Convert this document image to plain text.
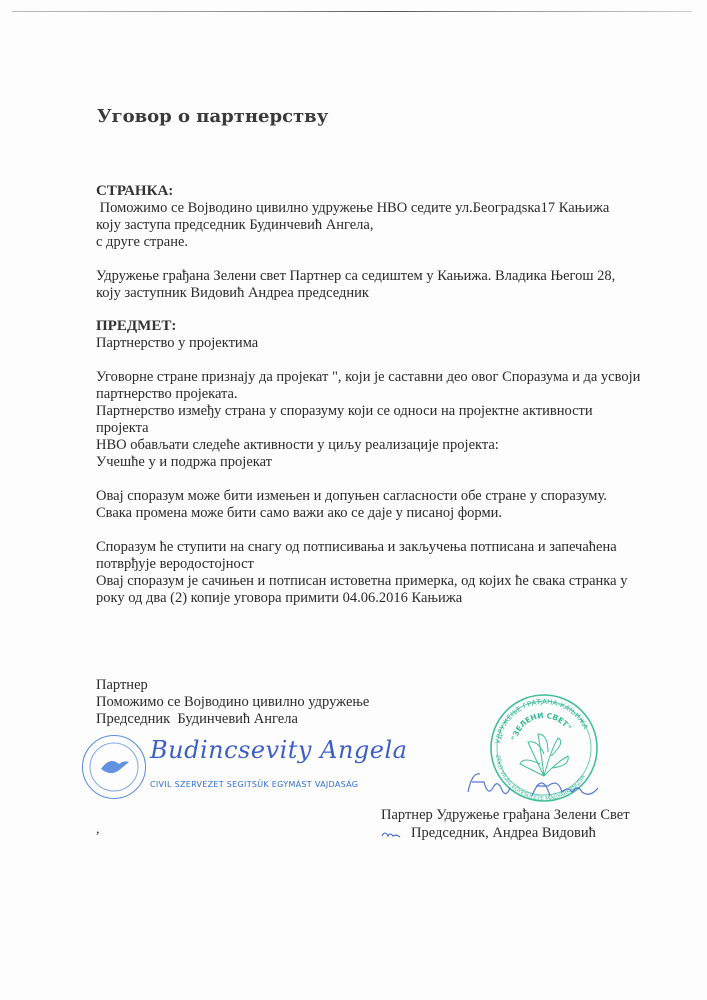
Уговор о партнерству

СТРАНКА:

Поможимо се Војводино цивилно удружење НВО седите ул.Београдsка17 Кањижа

коју заступа председник Будинчевић Ангела,

с друге стране.

Удружење грађана Зелени свет Партнер са седиштем у Кањижа. Владика Његош 28,

коју заступник Видовић Андреа председник

ПРЕДМЕТ:

Партнерство у пројектима

Уговорне стране признају да пројекат ", који је саставни део овог Споразума и да усвоји

партнерство пројеката.

Партнерство између страна у споразуму који се односи на пројектне активности

пројекта

НВО обављати следеће активности у циљу реализације пројекта:

Учешће у и подржа пројекат

Овај споразум може бити измењен и допуњен сагласности обе стране у споразуму.

Свака промена може бити само важи ако се даје у писаној форми.

Споразум ће ступити на снагу од потписивања и закључења потписана и запечаћена

потврђује веродостојност

Овај споразум је сачињен и потписан истоветна примерка, од којих ће свака странка у

року од два (2) копије уговора примити 04.06.2016 Кањижа

Партнер

Поможимо се Војводино цивилно удружење

Председник  Будинчевић Ангела

Budincsevity Angela
CIVIL SZERVEZET SEGITSÜK EGYMÁST VAJDASÁG
,
УДРУЖЕЊЕ ГРАЂАНА-КАЊИЖА
"ЗЕЛЕНИ СВЕТ"
ZÖLD VILÁG EGYESÜLETE MAGYARKANIZSA

Партнер Удружење грађана Зелени Свет

Председник, Андреа Видовић
